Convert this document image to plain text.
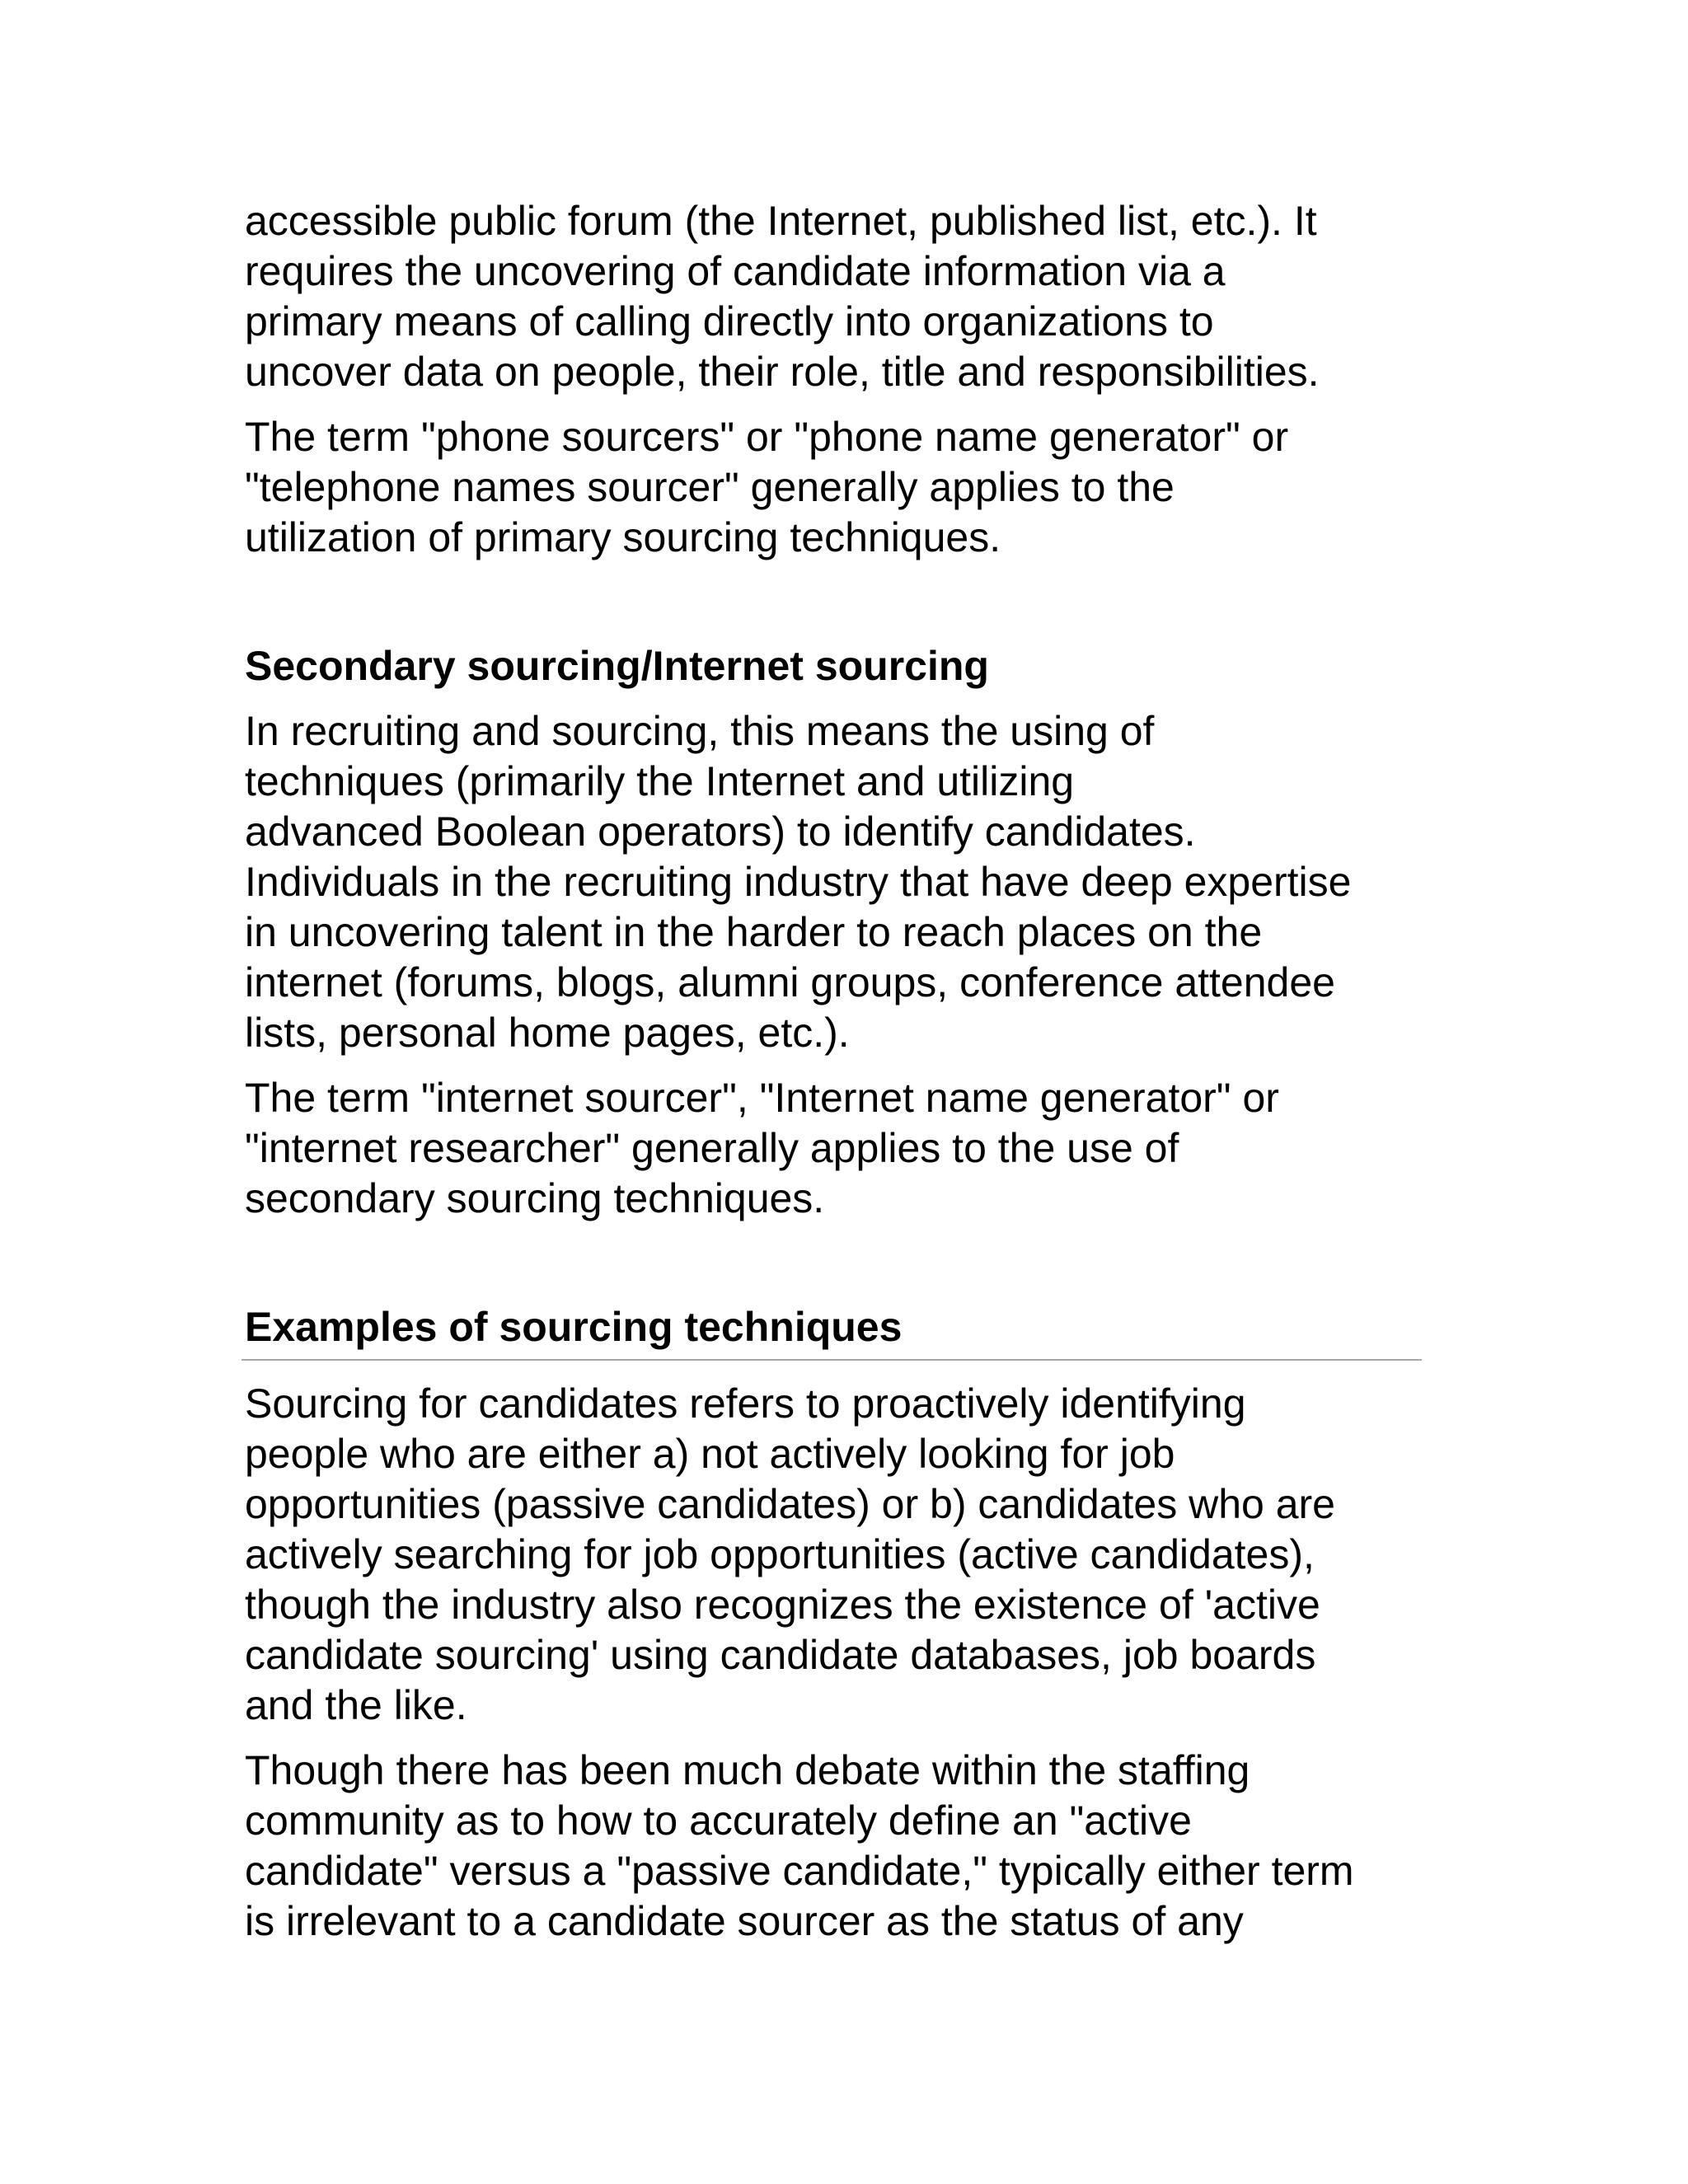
accessible public forum (the Internet, published list, etc.). It
requires the uncovering of candidate information via a
primary means of calling directly into organizations to
uncover data on people, their role, title and responsibilities.
The term "phone sourcers" or "phone name generator" or
"telephone names sourcer" generally applies to the
utilization of primary sourcing techniques.
Secondary sourcing/Internet sourcing
In recruiting and sourcing, this means the using of
techniques (primarily the Internet and utilizing
advanced Boolean operators) to identify candidates.
Individuals in the recruiting industry that have deep expertise
in uncovering talent in the harder to reach places on the
internet (forums, blogs, alumni groups, conference attendee
lists, personal home pages, etc.).
The term "internet sourcer", "Internet name generator" or
"internet researcher" generally applies to the use of
secondary sourcing techniques.
Examples of sourcing techniques
Sourcing for candidates refers to proactively identifying
people who are either a) not actively looking for job
opportunities (passive candidates) or b) candidates who are
actively searching for job opportunities (active candidates),
though the industry also recognizes the existence of 'active
candidate sourcing' using candidate databases, job boards
and the like.
Though there has been much debate within the staffing
community as to how to accurately define an "active
candidate" versus a "passive candidate," typically either term
is irrelevant to a candidate sourcer as the status of any
